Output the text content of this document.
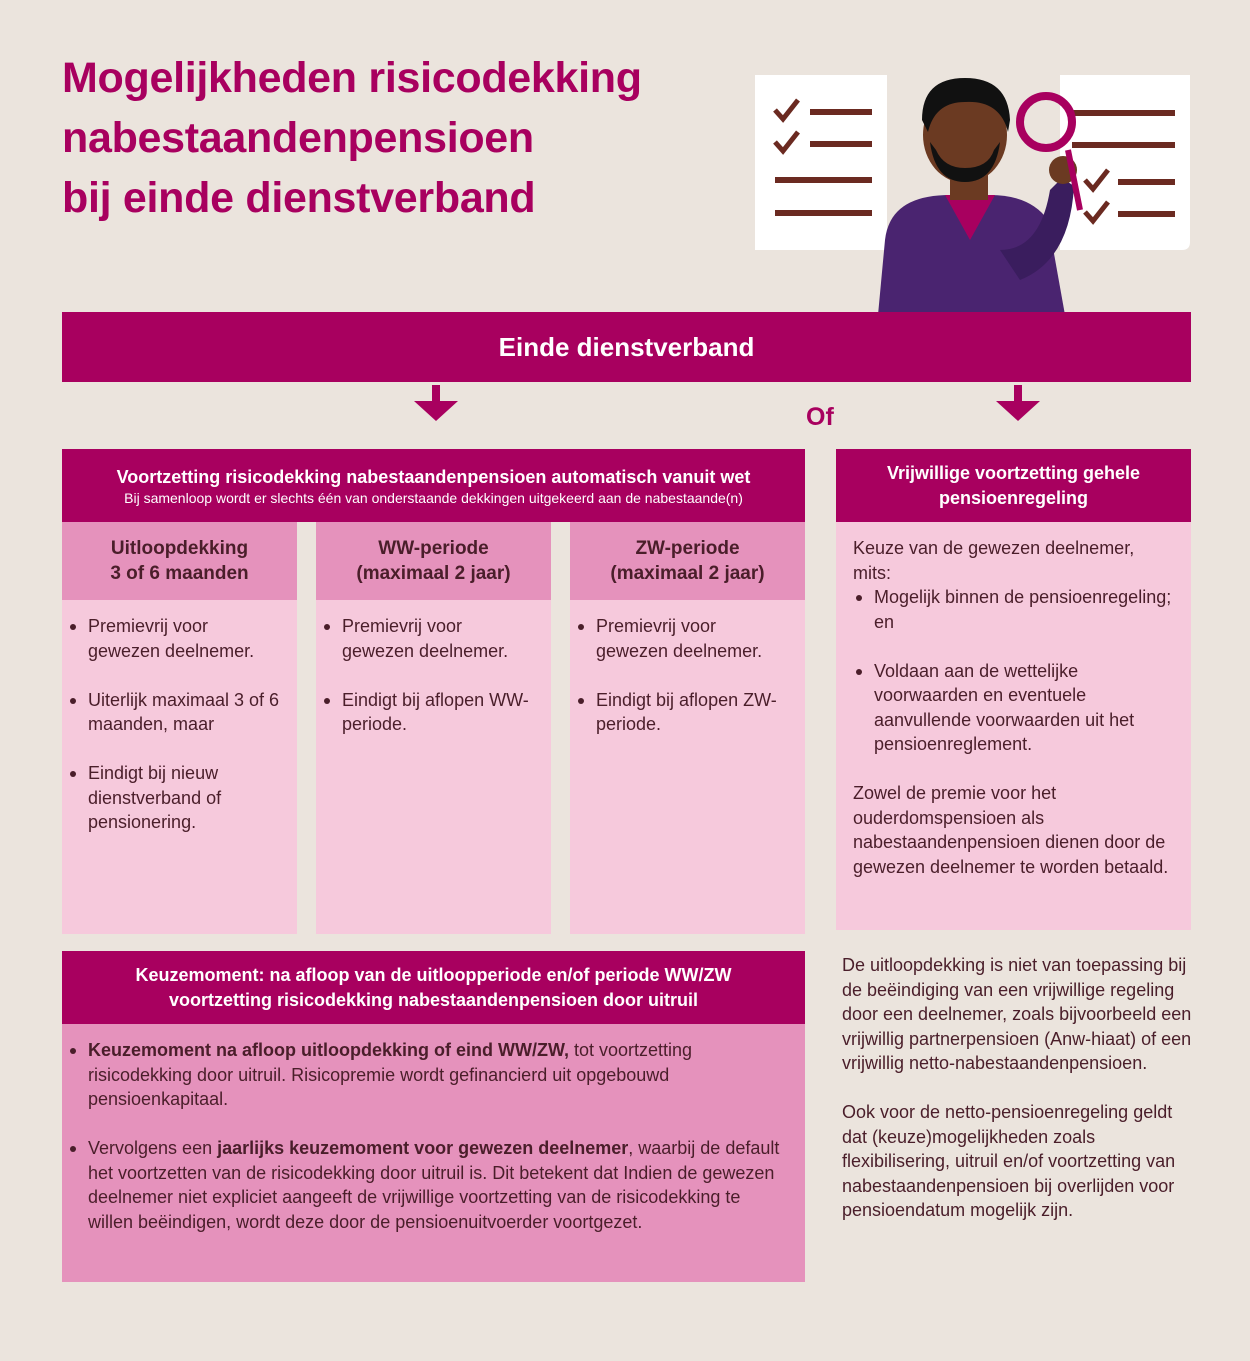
Mogelijkheden risicodekking
nabestaandenpensioen
bij einde dienstverband
Einde dienstverband
Of
Voortzetting risicodekking nabestaandenpensioen automatisch vanuit wet
Bij samenloop wordt er slechts één van onderstaande dekkingen uitgekeerd aan de nabestaande(n)
Uitloopdekking
3 of 6 maanden
Premievrij voor gewezen deelnemer.
Uiterlijk maximaal 3 of 6 maanden, maar
Eindigt bij nieuw dienstverband of pensionering.
WW-periode
(maximaal 2 jaar)
Premievrij voor gewezen deelnemer.
Eindigt bij aflopen WW-periode.
ZW-periode
(maximaal 2 jaar)
Premievrij voor gewezen deelnemer.
Eindigt bij aflopen ZW-periode.
Vrijwillige voortzetting gehele
pensioenregeling

Keuze van de gewezen deelnemer, mits:

Mogelijk binnen de pensioenregeling; en
Voldaan aan de wettelijke voorwaarden en eventuele aanvullende voorwaarden uit het pensioenreglement.

Zowel de premie voor het ouderdomspensioen als nabestaandenpensioen dienen door de gewezen deelnemer te worden betaald.

Keuzemoment: na afloop van de uitloopperiode en/of periode WW/ZW
voortzetting risicodekking nabestaandenpensioen door uitruil
Keuzemoment na afloop uitloopdekking of eind WW/ZW, tot voortzetting risicodekking door uitruil. Risicopremie wordt gefinancierd uit opgebouwd pensioenkapitaal.
Vervolgens een jaarlijks keuzemoment voor gewezen deelnemer, waarbij de default het voortzetten van de risicodekking door uitruil is. Dit betekent dat Indien de gewezen deelnemer niet expliciet aangeeft de vrijwillige voortzetting van de risicodekking te willen beëindigen, wordt deze door de pensioenuitvoerder voortgezet.

De uitloopdekking is niet van toepassing bij de beëindiging van een vrijwillige regeling door een deelnemer, zoals bijvoorbeeld een vrijwillig partnerpensioen (Anw-hiaat) of een vrijwillig netto-nabestaandenpensioen.

Ook voor de netto-pensioenregeling geldt dat (keuze)mogelijkheden zoals flexibilisering, uitruil en/of voortzetting van nabestaandenpensioen bij overlijden voor pensioendatum mogelijk zijn.
